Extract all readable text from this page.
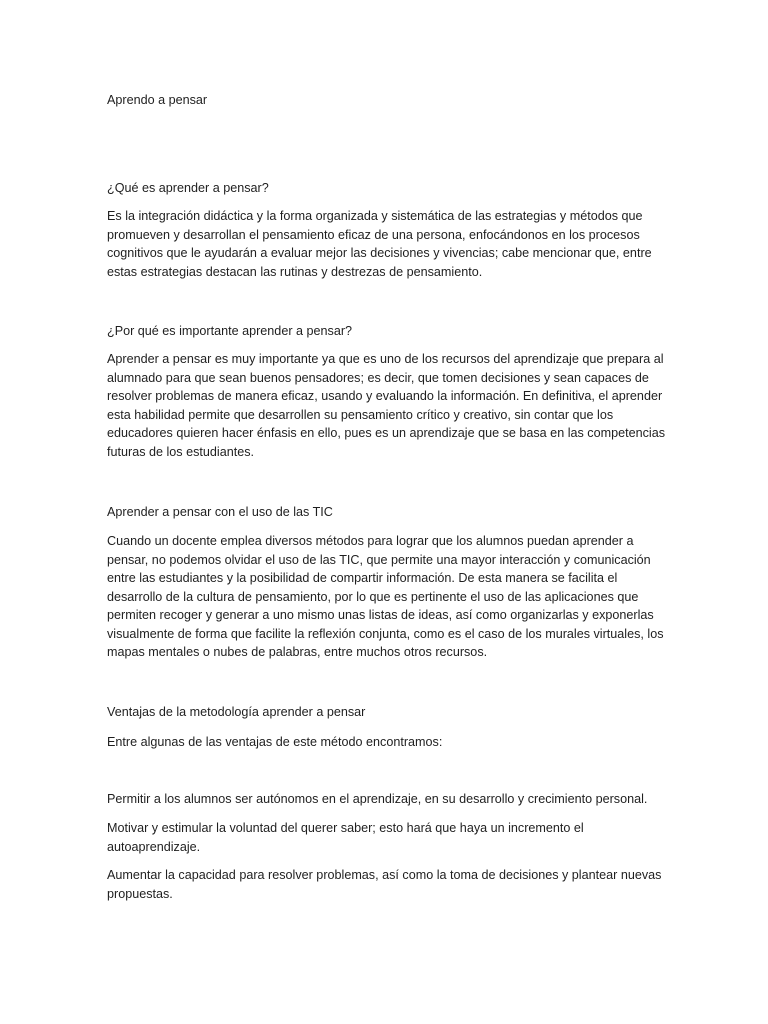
Aprendo a pensar

¿Qué es aprender a pensar?

Es la integración didáctica y la forma organizada y sistemática de las estrategias y métodos que promueven y desarrollan el pensamiento eficaz de una persona, enfocándonos en los procesos cognitivos que le ayudarán a evaluar mejor las decisiones y vivencias; cabe mencionar que, entre estas estrategias destacan las rutinas y destrezas de pensamiento.

¿Por qué es importante aprender a pensar?

Aprender a pensar es muy importante ya que es uno de los recursos del aprendizaje que prepara al alumnado para que sean buenos pensadores; es decir, que tomen decisiones y sean capaces de resolver problemas de manera eficaz, usando y evaluando la información. En definitiva, el aprender esta habilidad permite que desarrollen su pensamiento crítico y creativo, sin contar que los educadores quieren hacer énfasis en ello, pues es un aprendizaje que se basa en las competencias futuras de los estudiantes.

Aprender a pensar con el uso de las TIC

Cuando un docente emplea diversos métodos para lograr que los alumnos puedan aprender a pensar, no podemos olvidar el uso de las TIC, que permite una mayor interacción y comunicación entre las estudiantes y la posibilidad de compartir información. De esta manera se facilita el desarrollo de la cultura de pensamiento, por lo que es pertinente el uso de las aplicaciones que permiten recoger y generar a uno mismo unas listas de ideas, así como organizarlas y exponerlas visualmente de forma que facilite la reflexión conjunta, como es el caso de los murales virtuales, los mapas mentales o nubes de palabras, entre muchos otros recursos.

Ventajas de la metodología aprender a pensar

Entre algunas de las ventajas de este método encontramos:

Permitir a los alumnos ser autónomos en el aprendizaje, en su desarrollo y crecimiento personal.

Motivar y estimular la voluntad del querer saber; esto hará que haya un incremento el autoaprendizaje.

Aumentar la capacidad para resolver problemas, así como la toma de decisiones y plantear nuevas propuestas.
